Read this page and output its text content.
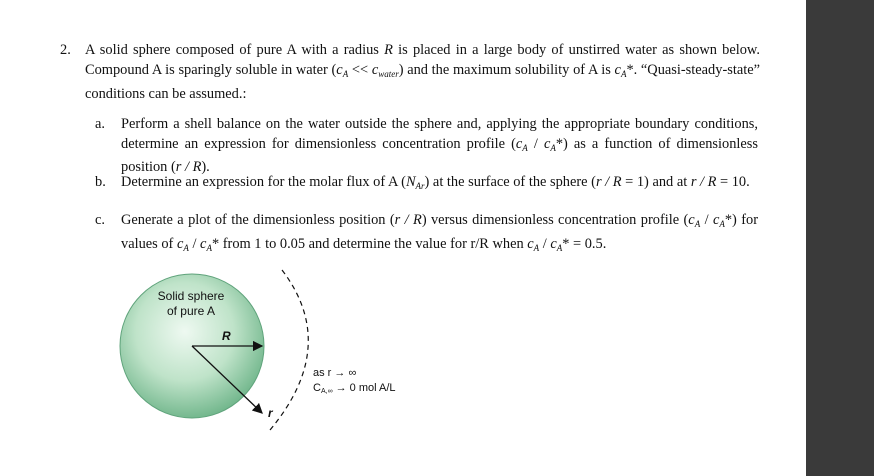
2. A solid sphere composed of pure A with a radius R is placed in a large body of unstirred water as shown below. Compound A is sparingly soluble in water $(c_A << c_{water})$ and the maximum solubility of A is $c_A*$. “Quasi-steady-state” conditions can be assumed.:
a. Perform a shell balance on the water outside the sphere and, applying the appropriate boundary conditions, determine an expression for dimensionless concentration profile $(c_A / c_A*)$ as a function of dimensionless position (r / R).
b. Determine an expression for the molar flux of A $(N_{Ar})$ at the surface of the sphere (r / R = 1) and at r / R = 10.
c. Generate a plot of the dimensionless position (r / R) versus dimensionless concentration profile $(c_A / c_A*)$ for values of $c_A / c_A*$ from 1 to 0.05 and determine the value for r/R when $c_A / c_A* = 0.5$.
Solid sphere
of pure A
R
r
as r → ∞
CA,∞ → 0 mol A/L
